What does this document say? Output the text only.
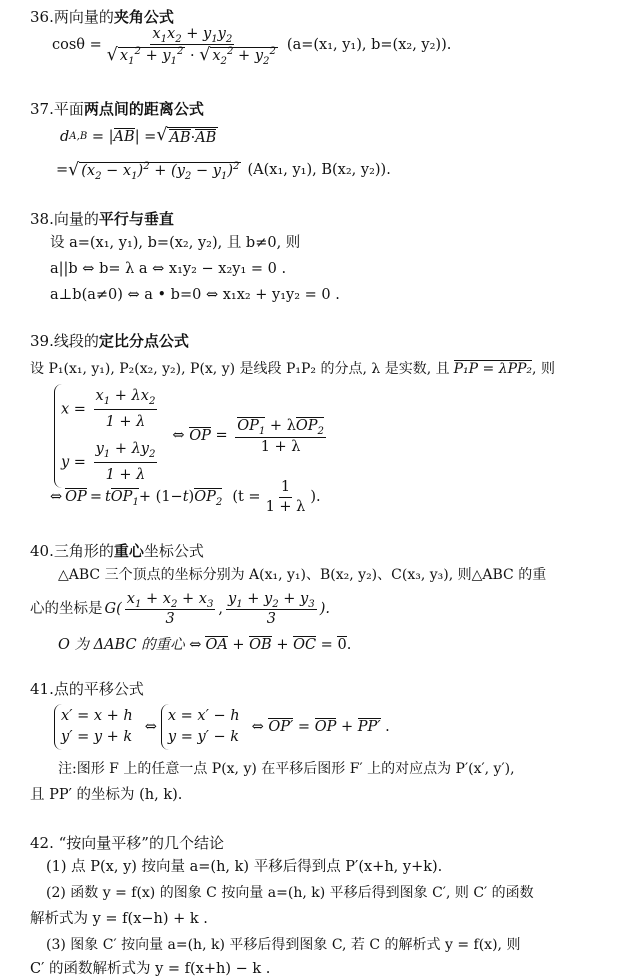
36.两向量的 夹角公式
$\cos\theta = \frac{x_1x_2 + y_1y_2}{√ x_1^2 + y_1^2 \cdot √ x_2^2 + y_2^2} (a=(x_1$, y₁), b=(x₂, y₂)).
37.平面 两点间的距离公式
d A,B = | AB | = √ AB·AB
= √ $(x_2 - x_1)^2 + (y_2 - y_1)^2$ (A(x₁, y₁), B(x₂, y₂)).
38.向量的 平行与垂直
设 a=(x₁, y₁), b=(x₂, y₂), 且 b≠0, 则
a||b ⇔ b= λ a ⇔ x₁y₂ − x₂y₁ = 0 .
a⊥b(a≠0) ⇔ a • b=0 ⇔ x₁x₂ + y₁y₂ = 0 .
39.线段的 定比分点公式
设 P₁(x₁, y₁), P₂(x₂, y₂), P(x, y) 是线段 P₁P₂ 的分点, λ 是实数, 且 P₁P = λPP₂ , 则
$x = \frac{x_1 + \lambda x_2}{1 + \lambda}$
$y = \frac{y_1 + \lambda y_2}{1 + \lambda}$
⇔ OP = $\frac{OP_1 + \lambda OP_2}{1 + \lambda}$
⇔ OP = t $OP_1 + (1- t$ ) $OP_2$ ($t = \frac{1}{1 + \lambda}$ ).
40.三角形的 重心 坐标公式
△ABC 三个顶点的坐标分别为 A(x₁, y₁)、B(x₂, y₂)、C(x₃, y₃), 则△ABC 的重
心的坐标是 $G( \frac{x_1 + x_2 + x_3}{3}$ , $\frac{y_1 + y_2 + y_3}{3}$ ).
O 为 ΔABC 的重心 ⇔ OA + OB + OC = 0.
41.点的平移公式
x′ = x + h
y′ = y + k
⇔
x = x′ − h
y = y′ − k
⇔ OP′ = OP + PP′ .
注:图形 F 上的任意一点 P(x, y) 在平移后图形 F′ 上的对应点为 P′(x′, y′),
且 PP′ 的坐标为 (h, k).
42. “按向量平移”的几个结论
(1) 点 P(x, y) 按向量 a=(h, k) 平移后得到点 P′(x+h, y+k).
(2) 函数 y = f(x) 的图象 C 按向量 a=(h, k) 平移后得到图象 C′, 则 C′ 的函数
解析式为 y = f(x−h) + k .
(3) 图象 C′ 按向量 a=(h, k) 平移后得到图象 C, 若 C 的解析式 y = f(x), 则
C′ 的函数解析式为 y = f(x+h) − k .
